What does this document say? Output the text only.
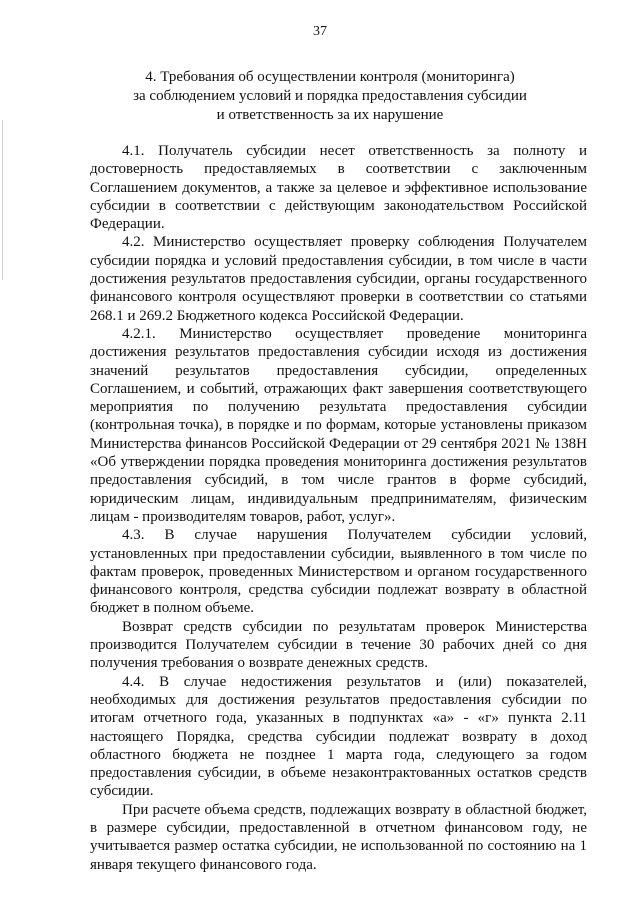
37
4. Требования об осуществлении контроля (мониторинга)
за соблюдением условий и порядка предоставления субсидии
и ответственность за их нарушение

4.1. Получатель субсидии несет ответственность за полноту и достоверность предоставляемых в соответствии с заключенным Соглашением документов, а также за целевое и эффективное использование субсидии в соответствии с действующим законодательством Российской Федерации.

4.2. Министерство осуществляет проверку соблюдения Получателем субсидии порядка и условий предоставления субсидии, в том числе в части достижения результатов предоставления субсидии, органы государственного финансового контроля осуществляют проверки в соответствии со статьями 268.1 и 269.2 Бюджетного кодекса Российской Федерации.

4.2.1. Министерство осуществляет проведение мониторинга достижения результатов предоставления субсидии исходя из достижения значений результатов предоставления субсидии, определенных Соглашением, и событий, отражающих факт завершения соответствующего мероприятия по получению результата предоставления субсидии (контрольная точка), в порядке и по формам, которые установлены приказом Министерства финансов Российской Федерации от 29 сентября 2021 № 138Н «Об утверждении порядка проведения мониторинга достижения результатов предоставления субсидий, в том числе грантов в форме субсидий, юридическим лицам, индивидуальным предпринимателям, физическим лицам - производителям товаров, работ, услуг».

4.3. В случае нарушения Получателем субсидии условий, установленных при предоставлении субсидии, выявленного в том числе по фактам проверок, проведенных Министерством и органом государственного финансового контроля, средства субсидии подлежат возврату в областной бюджет в полном объеме.

Возврат средств субсидии по результатам проверок Министерства производится Получателем субсидии в течение 30 рабочих дней со дня получения требования о возврате денежных средств.

4.4. В случае недостижения результатов и (или) показателей, необходимых для достижения результатов предоставления субсидии по итогам отчетного года, указанных в подпунктах «а» - «г» пункта 2.11 настоящего Порядка, средства субсидии подлежат возврату в доход областного бюджета не позднее 1 марта года, следующего за годом предоставления субсидии, в объеме незаконтрактованных остатков средств субсидии.

При расчете объема средств, подлежащих возврату в областной бюджет, в размере субсидии, предоставленной в отчетном финансовом году, не учитывается размер остатка субсидии, не использованной по состоянию на 1 января текущего финансового года.
